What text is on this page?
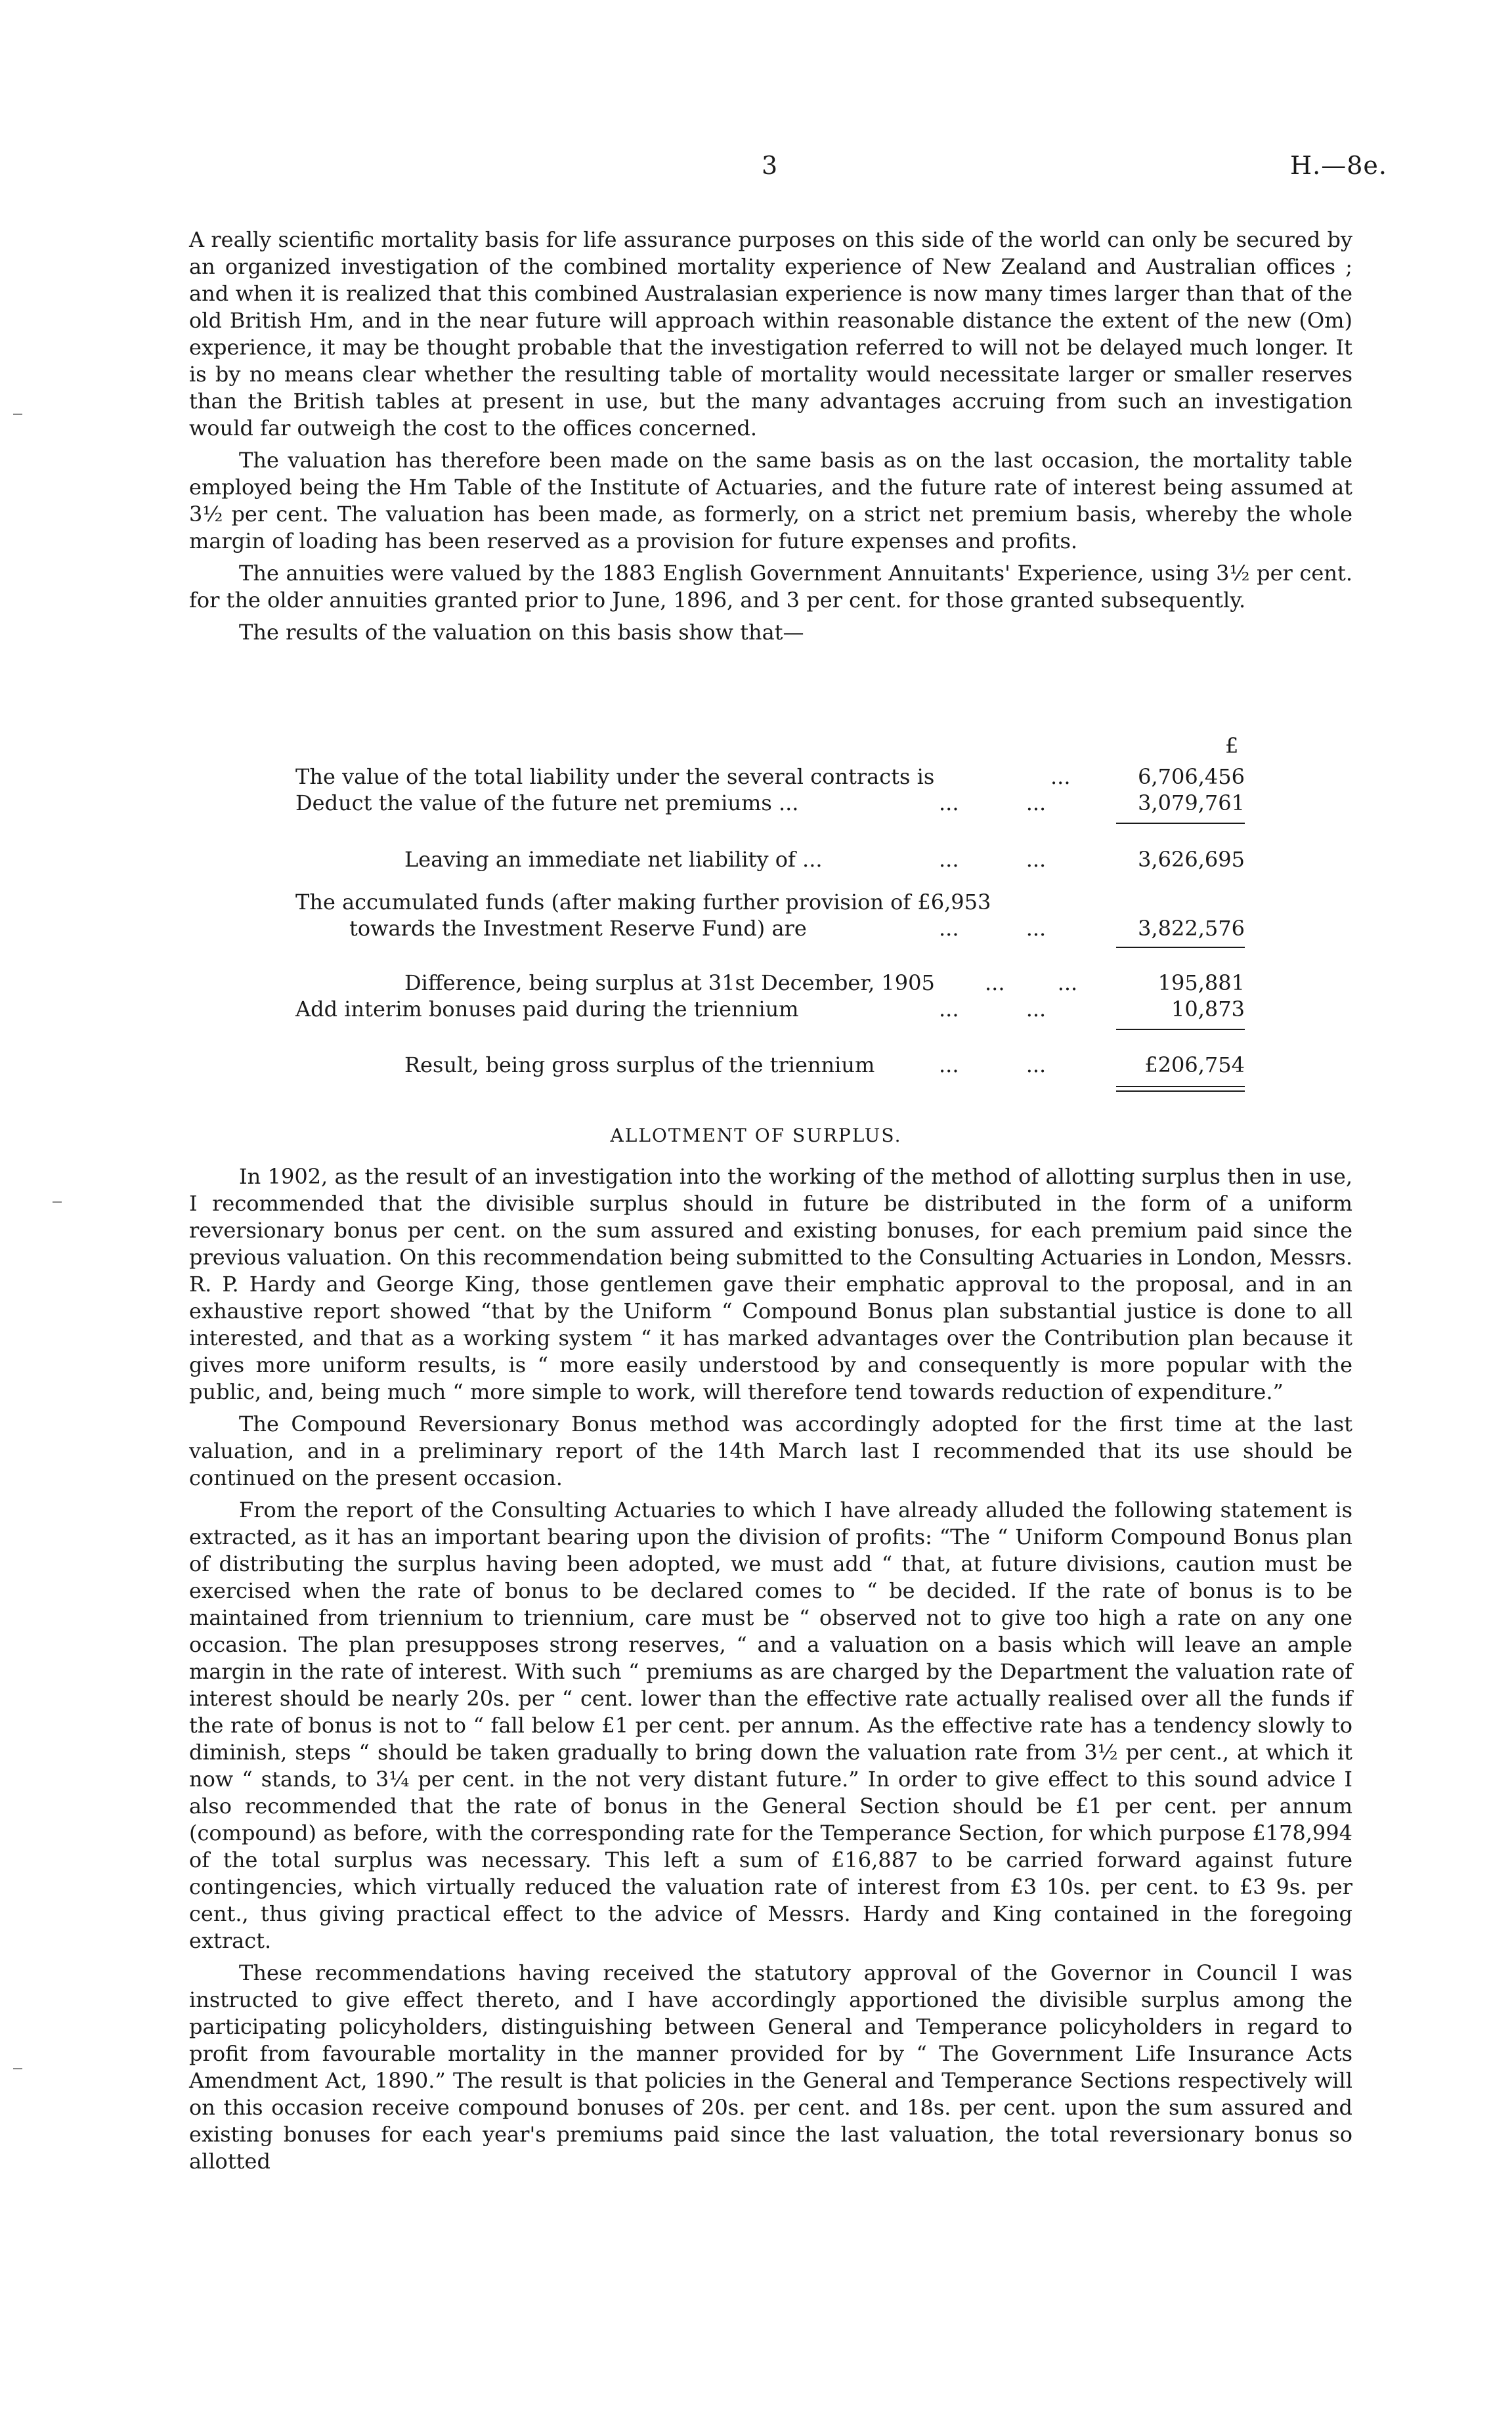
3	H.—8e.

A really scientific mortality basis for life assurance purposes on this side of the world can only be secured by an organized investigation of the combined mortality experience of New Zealand and Australian offices ; and when it is realized that this combined Australasian experience is now many times larger than that of the old British Hm, and in the near future will approach within reasonable distance the extent of the new (Om) experience, it may be thought probable that the investigation referred to will not be delayed much longer. It is by no means clear whether the resulting table of mortality would necessitate larger or smaller reserves than the British tables at present in use, but the many advantages accruing from such an investigation would far outweigh the cost to the offices concerned.

The valuation has therefore been made on the same basis as on the last occasion, the mortality table employed being the Hm Table of the Institute of Actuaries, and the future rate of interest being assumed at 3½ per cent. The valuation has been made, as formerly, on a strict net premium basis, whereby the whole margin of loading has been reserved as a provision for future expenses and profits.

The annuities were valued by the 1883 English Government Annuitants' Experience, using 3½ per cent. for the older annuities granted prior to June, 1896, and 3 per cent. for those granted subsequently.

The results of the valuation on this basis show that—

£
The value of the total liability under the several contracts is	...	6,706,456
Deduct the value of the future net premiums ...	... ...	3,079,761
Leaving an immediate net liability of ...	... ...	3,626,695
The accumulated funds (after making further provision of £6,953
towards the Investment Reserve Fund) are	... ...	3,822,576
Difference, being surplus at 31st December, 1905 ... ...	195,881
Add interim bonuses paid during the triennium	... ...	10,873
Result, being gross surplus of the triennium	... ...	£206,754
ALLOTMENT OF SURPLUS.

In 1902, as the result of an investigation into the working of the method of allotting surplus then in use, I recommended that the divisible surplus should in future be distributed in the form of a uniform reversionary bonus per cent. on the sum assured and existing bonuses, for each premium paid since the previous valuation. On this recommendation being submitted to the Consulting Actuaries in London, Messrs. R. P. Hardy and George King, those gentlemen gave their emphatic approval to the proposal, and in an exhaustive report showed “that by the Uniform “ Compound Bonus plan substantial justice is done to all interested, and that as a working system “ it has marked advantages over the Contribution plan because it gives more uniform results, is “ more easily understood by and consequently is more popular with the public, and, being much “ more simple to work, will therefore tend towards reduction of expenditure.”

The Compound Reversionary Bonus method was accordingly adopted for the first time at the last valuation, and in a preliminary report of the 14th March last I recommended that its use should be continued on the present occasion.

From the report of the Consulting Actuaries to which I have already alluded the following statement is extracted, as it has an important bearing upon the division of profits: “The “ Uniform Compound Bonus plan of distributing the surplus having been adopted, we must add “ that, at future divisions, caution must be exercised when the rate of bonus to be declared comes to “ be decided. If the rate of bonus is to be maintained from triennium to triennium, care must be “ observed not to give too high a rate on any one occasion. The plan presupposes strong reserves, “ and a valuation on a basis which will leave an ample margin in the rate of interest. With such “ premiums as are charged by the Department the valuation rate of interest should be nearly 20s. per “ cent. lower than the effective rate actually realised over all the funds if the rate of bonus is not to “ fall below £1 per cent. per annum. As the effective rate has a tendency slowly to diminish, steps “ should be taken gradually to bring down the valuation rate from 3½ per cent., at which it now “ stands, to 3¼ per cent. in the not very distant future.” In order to give effect to this sound advice I also recommended that the rate of bonus in the General Section should be £1 per cent. per annum (compound) as before, with the corresponding rate for the Temperance Section, for which purpose £178,994 of the total surplus was necessary. This left a sum of £16,887 to be carried forward against future contingencies, which virtually reduced the valuation rate of interest from £3 10s. per cent. to £3 9s. per cent., thus giving practical effect to the advice of Messrs. Hardy and King contained in the foregoing extract.

These recommendations having received the statutory approval of the Governor in Council I was instructed to give effect thereto, and I have accordingly apportioned the divisible surplus among the participating policyholders, distinguishing between General and Temperance policyholders in regard to profit from favourable mortality in the manner provided for by “ The Government Life Insurance Acts Amendment Act, 1890.” The result is that policies in the General and Temperance Sections respectively will on this occasion receive compound bonuses of 20s. per cent. and 18s. per cent. upon the sum assured and existing bonuses for each year's premiums paid since the last valuation, the total reversionary bonus so allotted
